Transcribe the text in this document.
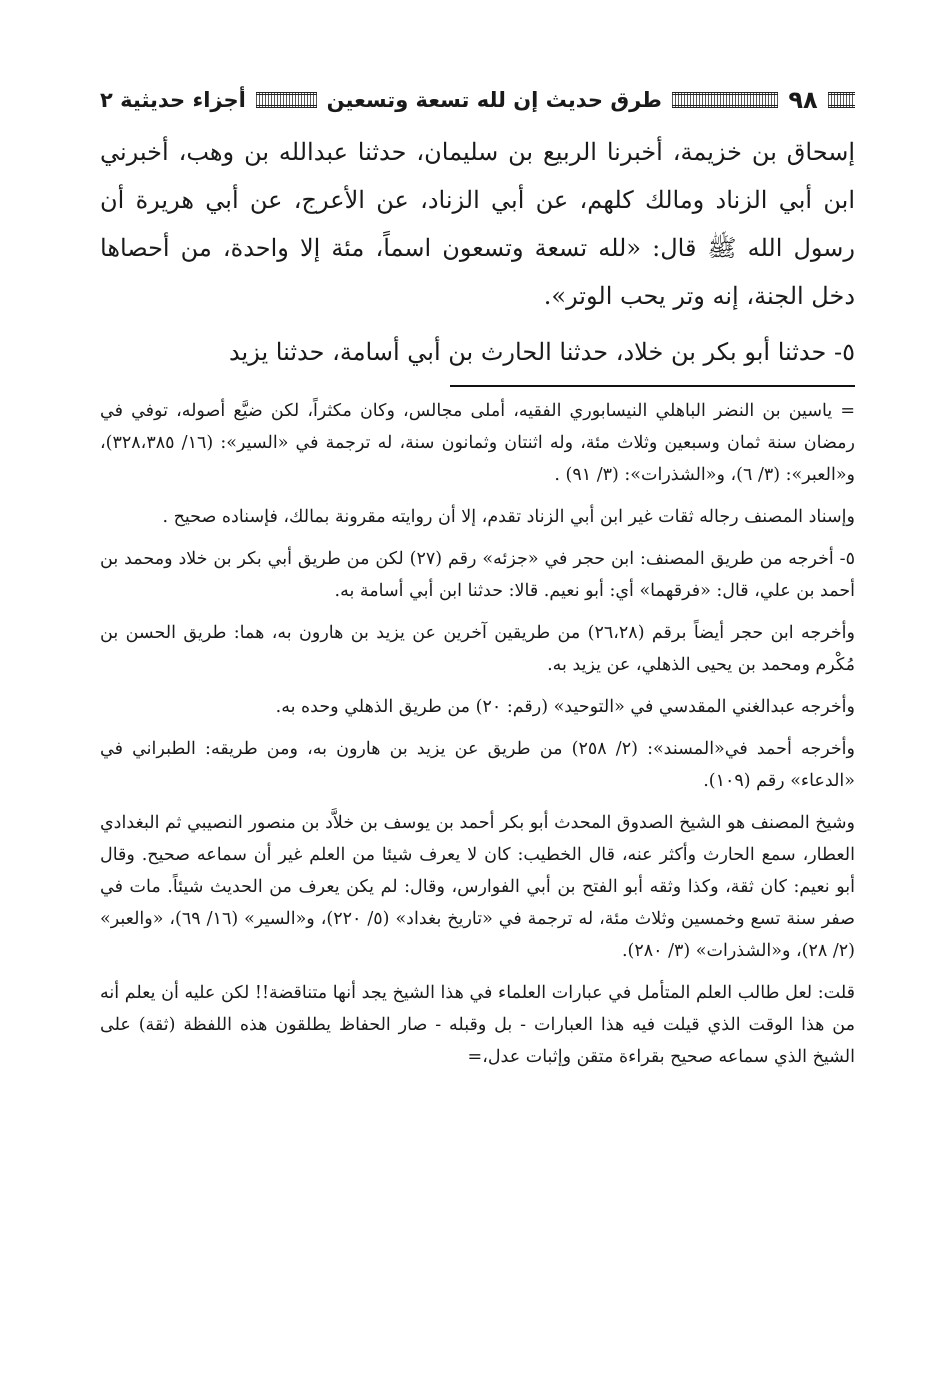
٩٨
طرق حديث إن لله تسعة وتسعين
أجزاء حديثية ٢

إسحاق بن خزيمة، أخبرنا الربيع بن سليمان، حدثنا عبدالله بن وهب، أخبرني ابن أبي الزناد ومالك كلهم، عن أبي الزناد، عن الأعرج، عن أبي هريرة أن رسول الله ﷺ قال: «لله تسعة وتسعون اسماً، مئة إلا واحدة، من أحصاها دخل الجنة، إنه وتر يحب الوتر».

٥- حدثنا أبو بكر بن خلاد، حدثنا الحارث بن أبي أسامة، حدثنا يزيد

= ياسين بن النضر الباهلي النيسابوري الفقيه، أملى مجالس، وكان مكثراً، لكن ضيَّع أصوله، توفي في رمضان سنة ثمان وسبعين وثلاث مئة، وله اثنتان وثمانون سنة، له ترجمة في «السير»: (١٦/ ٣٢٨،٣٨٥)، و«العبر»: (٣/ ٦)، و«الشذرات»: (٣/ ٩١) .

وإسناد المصنف رجاله ثقات غير ابن أبي الزناد تقدم، إلا أن روايته مقرونة بمالك، فإسناده صحيح .

٥- أخرجه من طريق المصنف: ابن حجر في «جزئه» رقم (٢٧) لكن من طريق أبي بكر بن خلاد ومحمد بن أحمد بن علي، قال: «فرقهما» أي: أبو نعيم. قالا: حدثنا ابن أبي أسامة به.

وأخرجه ابن حجر أيضاً برقم (٢٦،٢٨) من طريقين آخرين عن يزيد بن هارون به، هما: طريق الحسن بن مُكْرم ومحمد بن يحيى الذهلي، عن يزيد به.

وأخرجه عبدالغني المقدسي في «التوحيد» (رقم: ٢٠) من طريق الذهلي وحده به.

وأخرجه أحمد في«المسند»: (٢/ ٢٥٨) من طريق عن يزيد بن هارون به، ومن طريقه: الطبراني في «الدعاء» رقم (١٠٩).

وشيخ المصنف هو الشيخ الصدوق المحدث أبو بكر أحمد بن يوسف بن خلاَّد بن منصور النصيبي ثم البغدادي العطار، سمع الحارث وأكثر عنه، قال الخطيب: كان لا يعرف شيئا من العلم غير أن سماعه صحيح. وقال أبو نعيم: كان ثقة، وكذا وثقه أبو الفتح بن أبي الفوارس، وقال: لم يكن يعرف من الحديث شيئاً. مات في صفر سنة تسع وخمسين وثلاث مئة، له ترجمة في «تاريخ بغداد» (٥/ ٢٢٠)، و«السير» (١٦/ ٦٩)، «والعبر» (٢/ ٢٨)، و«الشذرات» (٣/ ٢٨٠).

قلت: لعل طالب العلم المتأمل في عبارات العلماء في هذا الشيخ يجد أنها متناقضة!! لكن عليه أن يعلم أنه من هذا الوقت الذي قيلت فيه هذا العبارات - بل وقبله - صار الحفاظ يطلقون هذه اللفظة (ثقة) على الشيخ الذي سماعه صحيح بقراءة متقن وإثبات عدل،=
